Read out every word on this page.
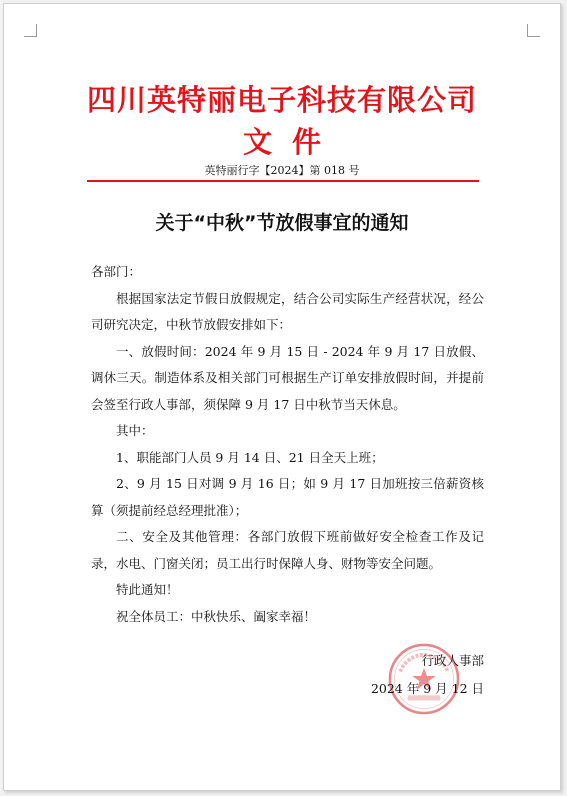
四川英特丽电子科技有限公司
文件
英特丽行字【2024】第 018 号
关于“中秋”节放假事宜的通知

各部门：

根据国家法定节假日放假规定，结合公司实际生产经营状况，经公司研究决定，中秋节放假安排如下：

一、放假时间：2024 年 9 月 15 日 - 2024 年 9 月 17 日放假、调休三天。制造体系及相关部门可根据生产订单安排放假时间，并提前会签至行政人事部，须保障 9 月 17 日中秋节当天休息。

其中：

1、职能部门人员 9 月 14 日、21 日全天上班；

2、9 月 15 日对调 9 月 16 日；如 9 月 17 日加班按三倍薪资核算（须提前经总经理批准）；

二、安全及其他管理：各部门放假下班前做好安全检查工作及记录，水电、门窗关闭；员工出行时保障人身、财物等安全问题。

特此通知！

祝全体员工：中秋快乐、阖家幸福！

行政人事部
2024 年 9 月 12 日
